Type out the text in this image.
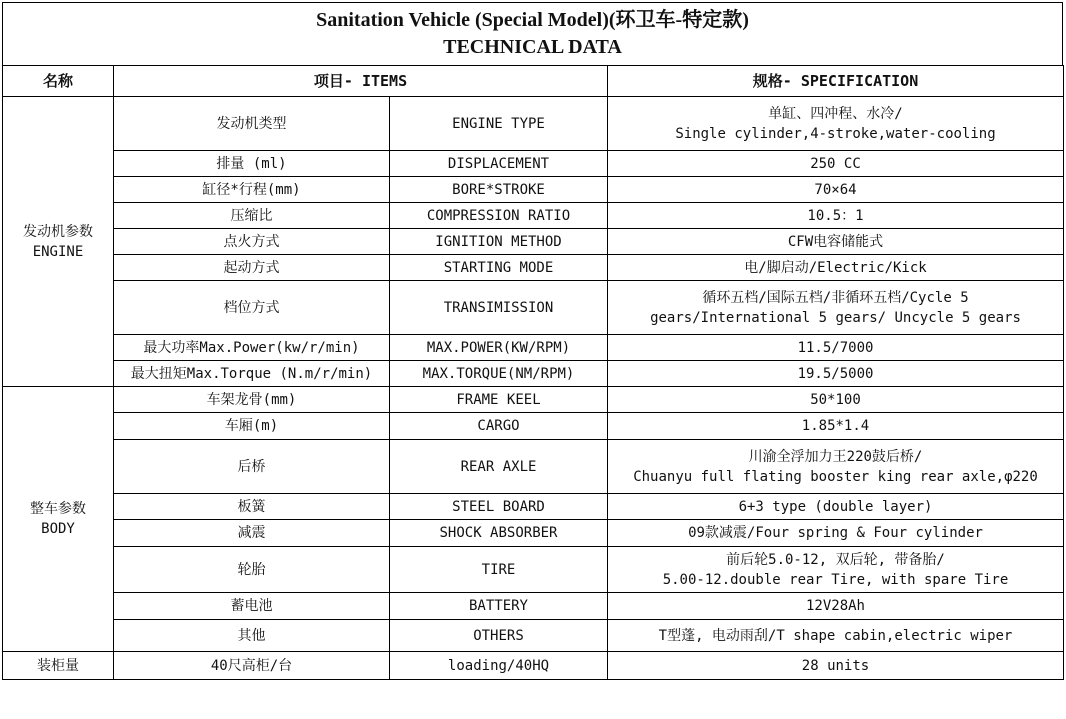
Sanitation Vehicle (Special Model)(环卫车-特定款)
TECHNICAL DATA
名称	项目- ITEMS		规格- SPECIFICATION

发动机参数
ENGINE	发动机类型	ENGINE TYPE	单缸、四冲程、水冷/
Single cylinder,4-stroke,water-cooling

	排量 (ml)	DISPLACEMENT	250 CC
	缸径*行程(mm)	BORE*STROKE	70×64
	压缩比	COMPRESSION RATIO	10.5：1
	点火方式	IGNITION METHOD	CFW电容储能式
	起动方式	STARTING MODE	电/脚启动/Electric/Kick
	档位方式	TRANSIMISSION	循环五档/国际五档/非循环五档/Cycle 5
gears/International 5 gears/ Uncycle 5 gears

	最大功率Max.Power(kw/r/min)	MAX.POWER(KW/RPM)	11.5/7000
	最大扭矩Max.Torque (N.m/r/min)	MAX.TORQUE(NM/RPM)	19.5/5000

整车参数
BODY	车架龙骨(mm)	FRAME KEEL	50*100
	车厢(m)	CARGO	1.85*1.4
	后桥	REAR AXLE	川渝全浮加力王220鼓后桥/
Chuanyu full flating booster king rear axle,φ220

	板簧	STEEL BOARD	6+3 type (double layer)
	减震	SHOCK ABSORBER	09款减震/Four spring & Four cylinder
	轮胎	TIRE	前后轮5.0-12, 双后轮, 带备胎/
5.00-12.double rear Tire, with spare Tire

	蓄电池	BATTERY	12V28Ah
	其他	OTHERS	T型蓬, 电动雨刮/T shape cabin,electric wiper
装柜量	40尺高柜/台	loading/40HQ	28 units
